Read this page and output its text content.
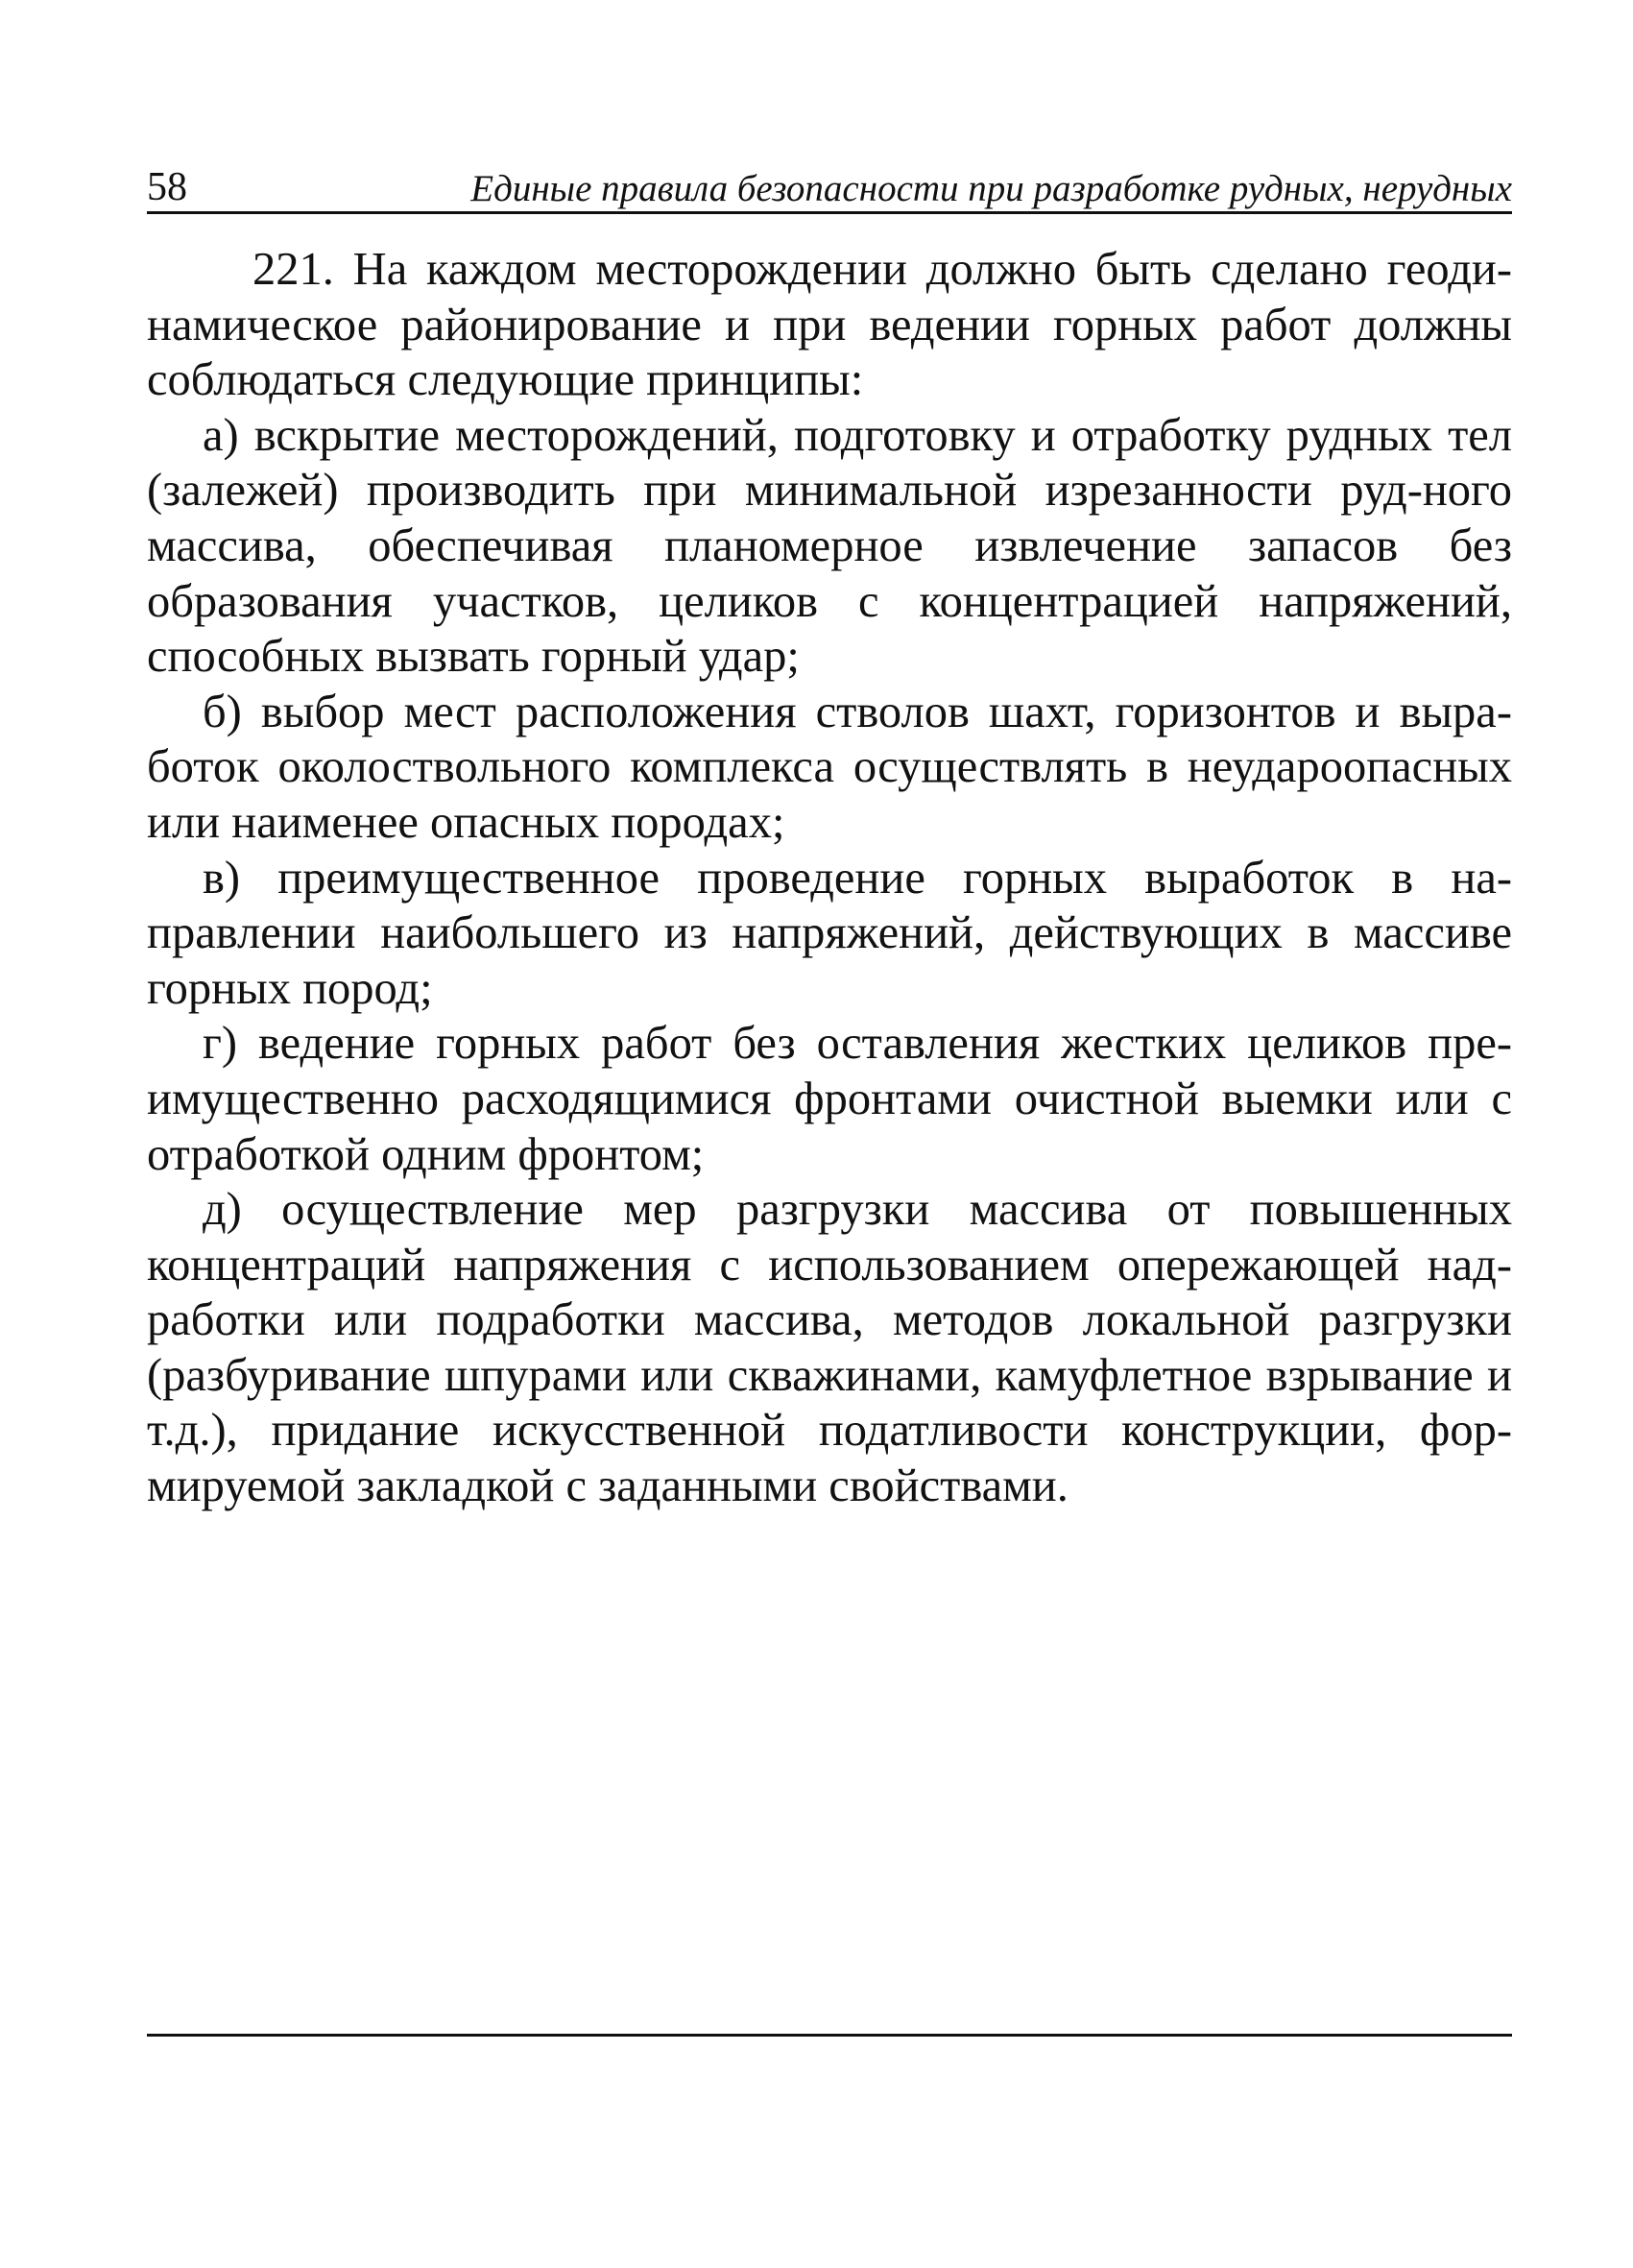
58	Единые правила безопасности при разработке рудных, нерудных

221. На каждом месторождении должно быть сделано геоди-намическое районирование и при ведении горных работ должны соблюдаться следующие принципы:

а) вскрытие месторождений, подготовку и отработку рудных тел (залежей) производить при минимальной изрезанности руд-ного массива, обеспечивая планомерное извлечение запасов без образования участков, целиков с концентрацией напряжений, способных вызвать горный удар;

б) выбор мест расположения стволов шахт, горизонтов и выра-боток околоствольного комплекса осуществлять в неудароопасных или наименее опасных породах;

в) преимущественное проведение горных выработок в на-правлении наибольшего из напряжений, действующих в массиве горных пород;

г) ведение горных работ без оставления жестких целиков пре-имущественно расходящимися фронтами очистной выемки или с отработкой одним фронтом;

д) осуществление мер разгрузки массива от повышенных концентраций напряжения с использованием опережающей над-работки или подработки массива, методов локальной разгрузки (разбуривание шпурами или скважинами, камуфлетное взрывание и т.д.), придание искусственной податливости конструкции, фор-мируемой закладкой с заданными свойствами.
